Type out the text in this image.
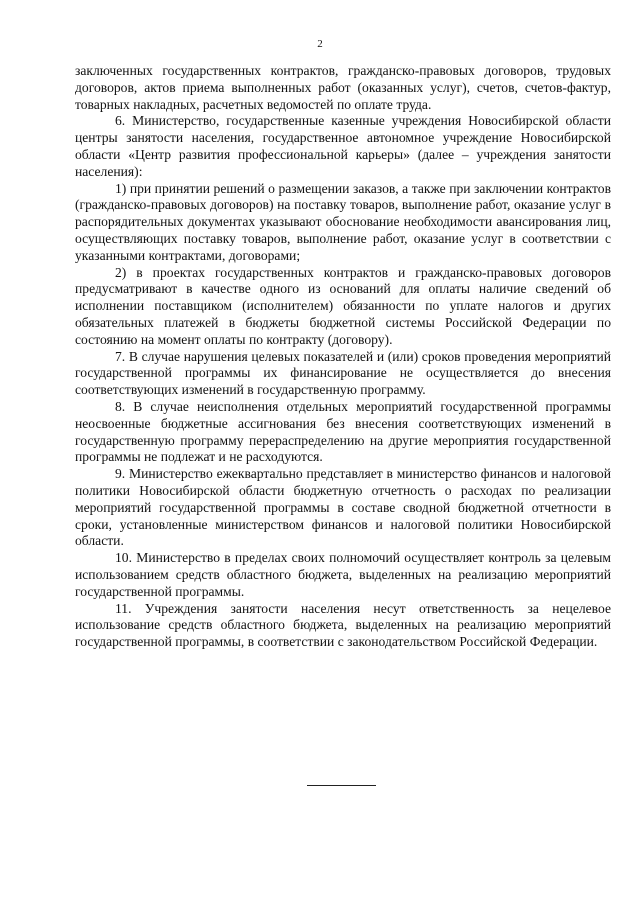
2

заключенных государственных контрактов, гражданско-правовых договоров, трудовых договоров, актов приема выполненных работ (оказанных услуг), счетов, счетов-фактур, товарных накладных, расчетных ведомостей по оплате труда.

6. Министерство, государственные казенные учреждения Новосибирской области центры занятости населения, государственное автономное учреждение Новосибирской области «Центр развития профессиональной карьеры» (далее – учреждения занятости населения):

1) при принятии решений о размещении заказов, а также при заключении контрактов (гражданско-правовых договоров) на поставку товаров, выполнение работ, оказание услуг в распорядительных документах указывают обоснование необходимости авансирования лиц, осуществляющих поставку товаров, выполнение работ, оказание услуг в соответствии с указанными контрактами, договорами;

2) в проектах государственных контрактов и гражданско-правовых договоров предусматривают в качестве одного из оснований для оплаты наличие сведений об исполнении поставщиком (исполнителем) обязанности по уплате налогов и других обязательных платежей в бюджеты бюджетной системы Российской Федерации по состоянию на момент оплаты по контракту (договору).

7. В случае нарушения целевых показателей и (или) сроков проведения мероприятий государственной программы их финансирование не осуществляется до внесения соответствующих изменений в государственную программу.

8. В случае неисполнения отдельных мероприятий государственной программы неосвоенные бюджетные ассигнования без внесения соответствующих изменений в государственную программу перераспределению на другие мероприятия государственной программы не подлежат и не расходуются.

9. Министерство ежеквартально представляет в министерство финансов и налоговой политики Новосибирской области бюджетную отчетность о расходах по реализации мероприятий государственной программы в составе сводной бюджетной отчетности в сроки, установленные министерством финансов и налоговой политики Новосибирской области.

10. Министерство в пределах своих полномочий осуществляет контроль за целевым использованием средств областного бюджета, выделенных на реализацию мероприятий государственной программы.

11. Учреждения занятости населения несут ответственность за нецелевое использование средств областного бюджета, выделенных на реализацию мероприятий государственной программы, в соответствии с законодательством Российской Федерации.
